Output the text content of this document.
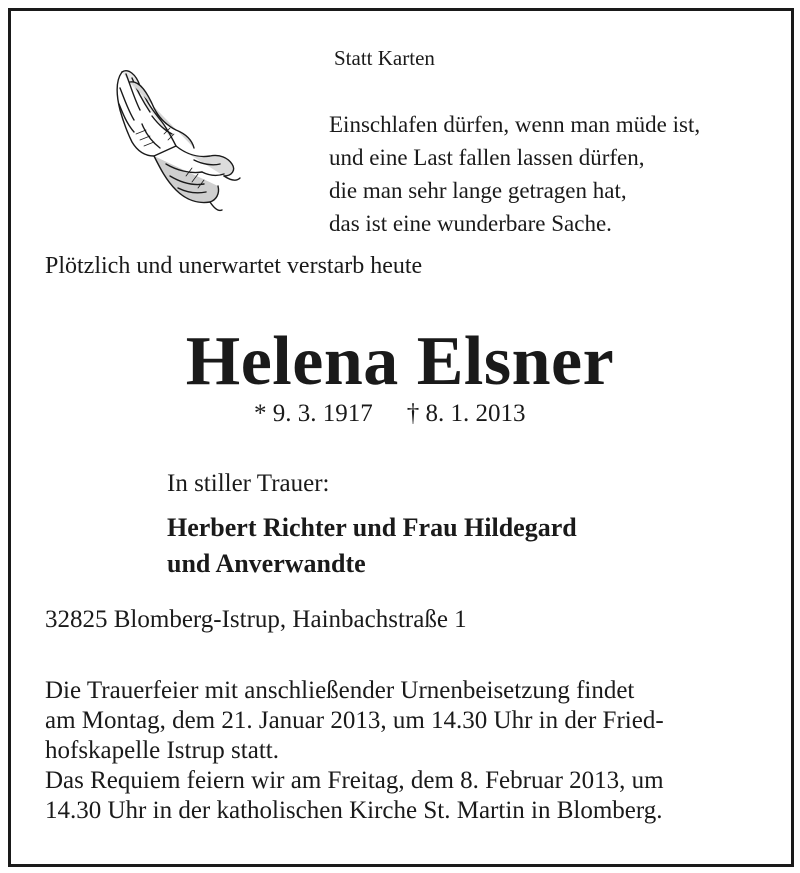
Statt Karten
Einschlafen dürfen, wenn man müde ist,
und eine Last fallen lassen dürfen,
die man sehr lange getragen hat,
das ist eine wunderbare Sache.
Plötzlich und unerwartet verstarb heute
Helena Elsner
* 9. 3. 1917 † 8. 1. 2013
In stiller Trauer:
Herbert Richter und Frau Hildegard
und Anverwandte
32825 Blomberg-Istrup, Hainbachstraße 1
Die Trauerfeier mit anschließender Urnenbeisetzung findet
am Montag, dem 21. Januar 2013, um 14.30 Uhr in der Fried-
hofskapelle Istrup statt.
Das Requiem feiern wir am Freitag, dem 8. Februar 2013, um
14.30 Uhr in der katholischen Kirche St. Martin in Blomberg.
